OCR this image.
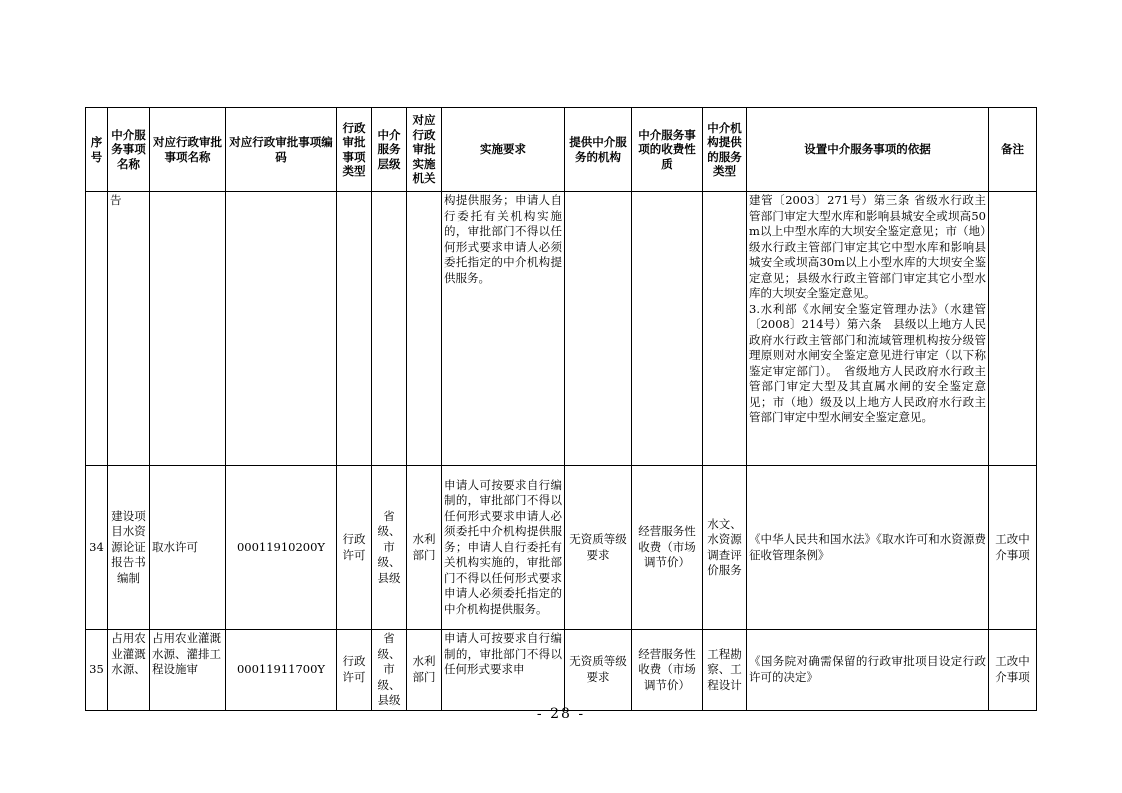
序号	中介服务事项名称	对应行政审批事项名称	对应行政审批事项编码	行政审批事项类型	中介服务层级	对应行政审批实施机关	实施要求	提供中介服务的机构	中介服务事项的收费性质	中介机构提供的服务类型	设置中介服务事项的依据	备注
	告						构提供服务；申请人自行委托有关机构实施的，审批部门不得以任何形式要求申请人必须委托指定的中介机构提供服务。				建管〔2003〕271号）第三条 省级水行政主管部门审定大型水库和影响县城安全或坝高50m以上中型水库的大坝安全鉴定意见；市（地）级水行政主管部门审定其它中型水库和影响县城安全或坝高30m以上小型水库的大坝安全鉴定意见；县级水行政主管部门审定其它小型水库的大坝安全鉴定意见。
3.水利部《水闸安全鉴定管理办法》（水建管〔2008〕214号）第六条　县级以上地方人民政府水行政主管部门和流域管理机构按分级管理原则对水闸安全鉴定意见进行审定（以下称鉴定审定部门）。　省级地方人民政府水行政主管部门审定大型及其直属水闸的安全鉴定意见；市（地）级及以上地方人民政府水行政主管部门审定中型水闸安全鉴定意见。	
34	建设项目水资源论证报告书编制	取水许可	00011910200Y	行政许可	省级、市级、县级	水利部门	申请人可按要求自行编制的，审批部门不得以任何形式要求申请人必须委托中介机构提供服务；申请人自行委托有关机构实施的，审批部门不得以任何形式要求申请人必须委托指定的中介机构提供服务。	无资质等级要求	经营服务性收费（市场调节价）	水文、水资源调查评价服务	《中华人民共和国水法》《取水许可和水资源费征收管理条例》	工改中介事项
35	占用农业灌溉水源、	占用农业灌溉水源、灌排工程设施审	00011911700Y	行政许可	省级、市级、县级	水利部门	申请人可按要求自行编制的，审批部门不得以任何形式要求申	无资质等级要求	经营服务性收费（市场调节价）	工程勘察、工程设计	《国务院对确需保留的行政审批项目设定行政许可的决定》	工改中介事项
- 28 -
